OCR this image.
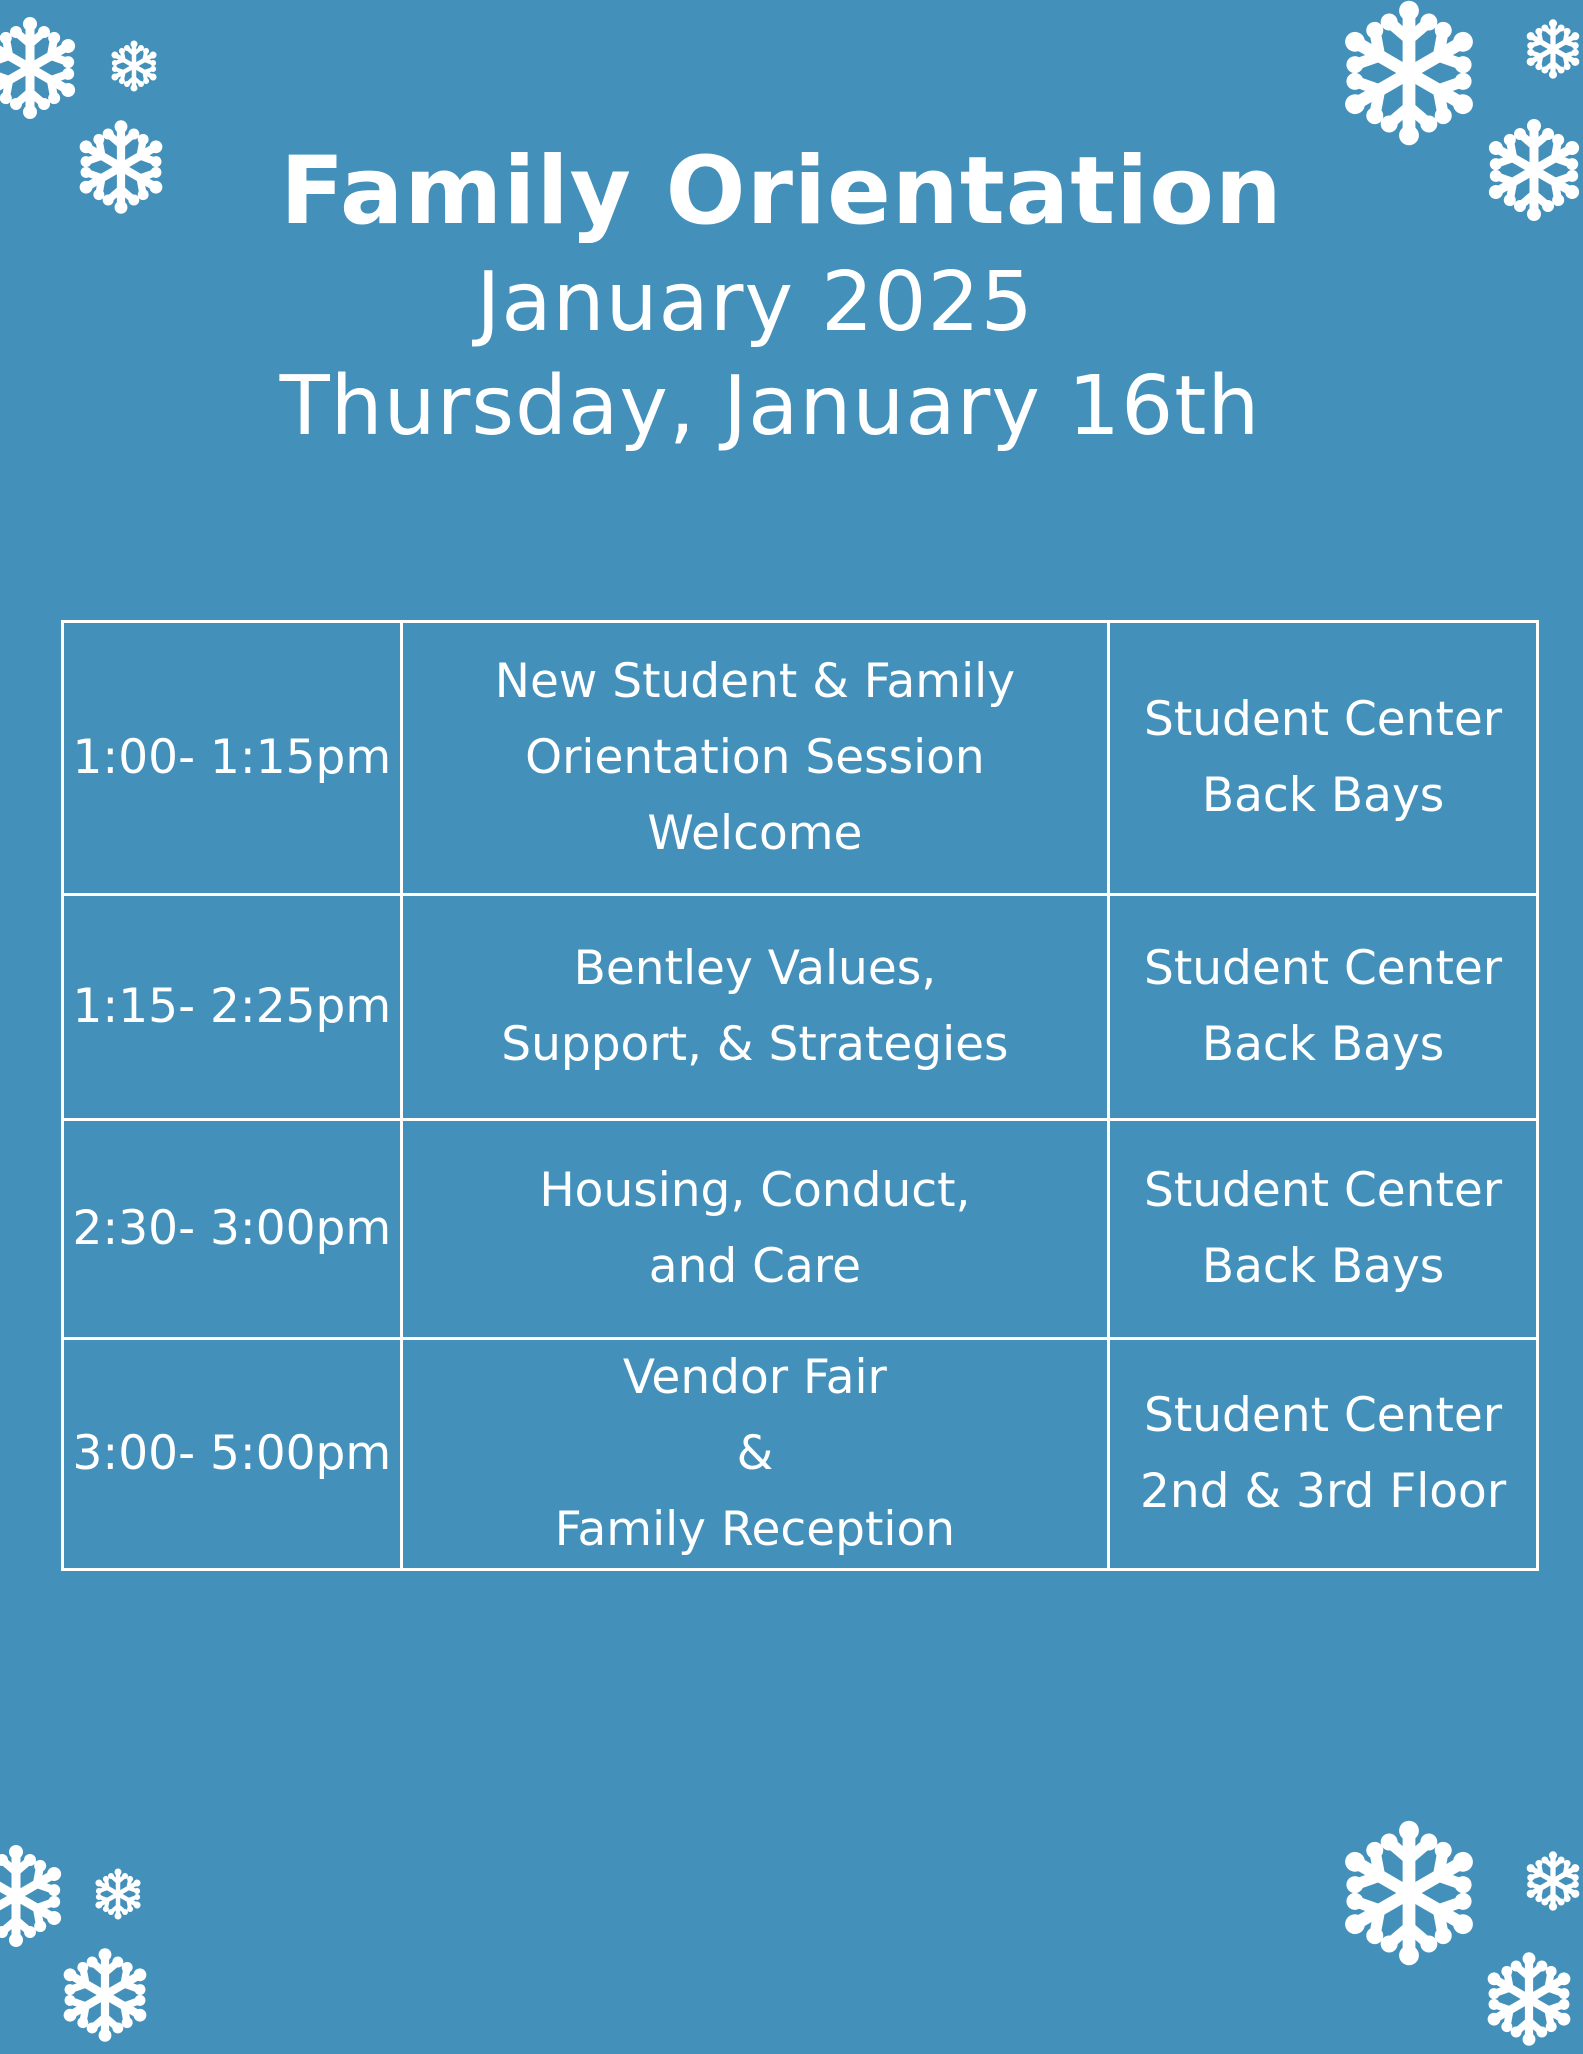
Family Orientation
January 2025
Thursday, January 16th
1:00- 1:15pm	New Student & Family
Orientation Session
Welcome	Student Center
Back Bays
1:15- 2:25pm	Bentley Values,
Support, & Strategies	Student Center
Back Bays
2:30- 3:00pm	Housing, Conduct,
and Care	Student Center
Back Bays
3:00- 5:00pm	Vendor Fair
&
Family Reception	Student Center
2nd & 3rd Floor
